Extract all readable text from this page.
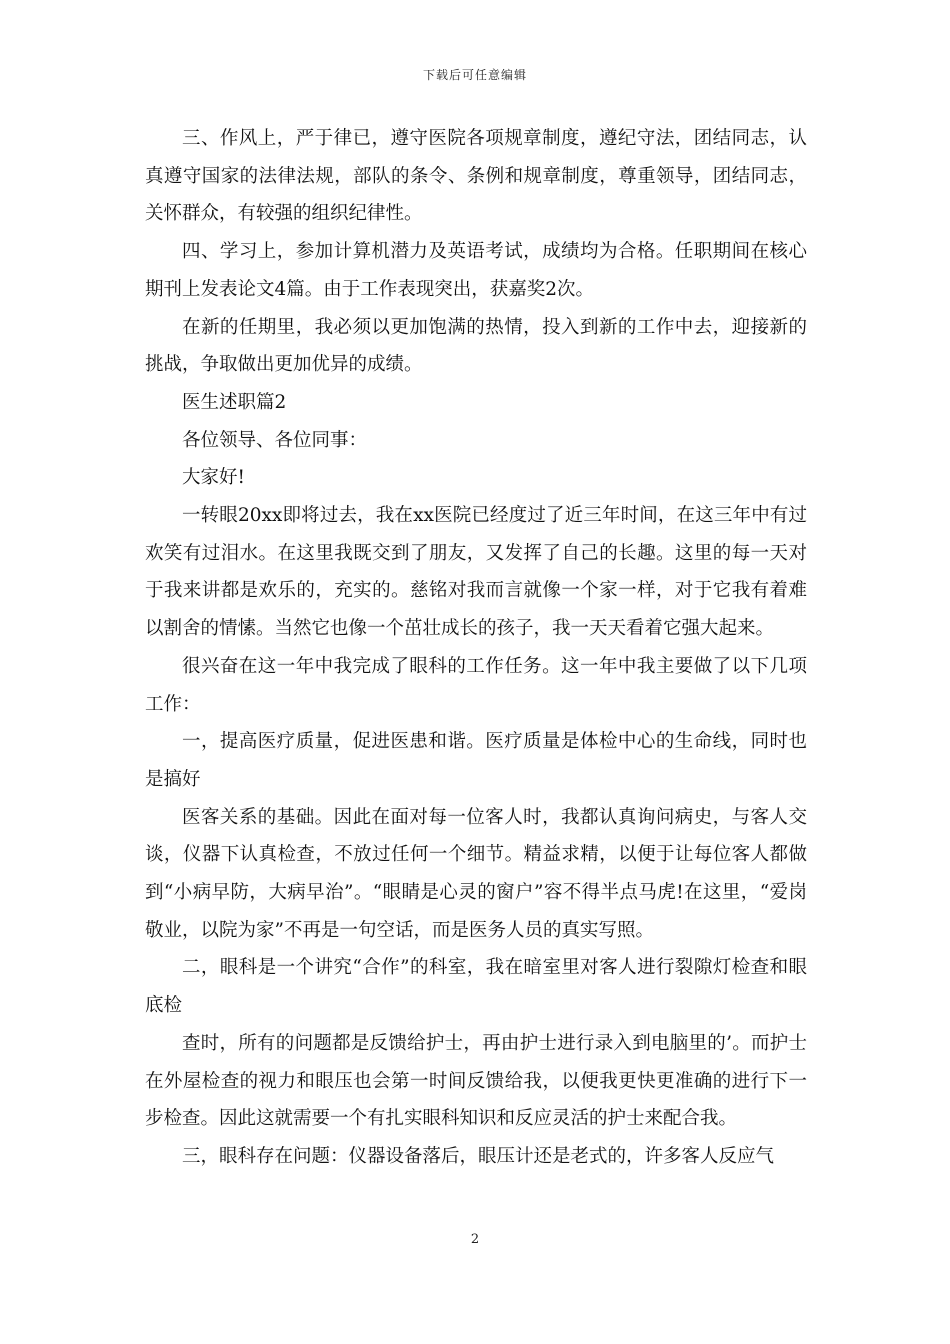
下载后可任意编辑

三、作风上，严于律已，遵守医院各项规章制度，遵纪守法，团结同志，认真遵守国家的法律法规，部队的条令、条例和规章制度，尊重领导，团结同志，关怀群众，有较强的组织纪律性。

四、学习上，参加计算机潜力及英语考试，成绩均为合格。任职期间在核心期刊上发表论文4篇。由于工作表现突出，获嘉奖2次。

在新的任期里，我必须以更加饱满的热情，投入到新的工作中去，迎接新的挑战，争取做出更加优异的成绩。

医生述职篇2

各位领导、各位同事：

大家好!

一转眼20xx即将过去，我在xx医院已经度过了近三年时间，在这三年中有过欢笑有过泪水。在这里我既交到了朋友，又发挥了自己的长趣。这里的每一天对于我来讲都是欢乐的，充实的。慈铭对我而言就像一个家一样，对于它我有着难以割舍的情愫。当然它也像一个茁壮成长的孩子，我一天天看着它强大起来。

很兴奋在这一年中我完成了眼科的工作任务。这一年中我主要做了以下几项工作：

一，提高医疗质量，促进医患和谐。医疗质量是体检中心的生命线，同时也是搞好

医客关系的基础。因此在面对每一位客人时，我都认真询问病史，与客人交谈，仪器下认真检查，不放过任何一个细节。精益求精，以便于让每位客人都做到“小病早防，大病早治”。“眼睛是心灵的窗户”容不得半点马虎!在这里，“爱岗敬业，以院为家”不再是一句空话，而是医务人员的真实写照。

二，眼科是一个讲究“合作”的科室，我在暗室里对客人进行裂隙灯检查和眼底检

查时，所有的问题都是反馈给护士，再由护士进行录入到电脑里的’。而护士在外屋检查的视力和眼压也会第一时间反馈给我，以便我更快更准确的进行下一步检查。因此这就需要一个有扎实眼科知识和反应灵活的护士来配合我。

三，眼科存在问题：仪器设备落后，眼压计还是老式的，许多客人反应气

2
